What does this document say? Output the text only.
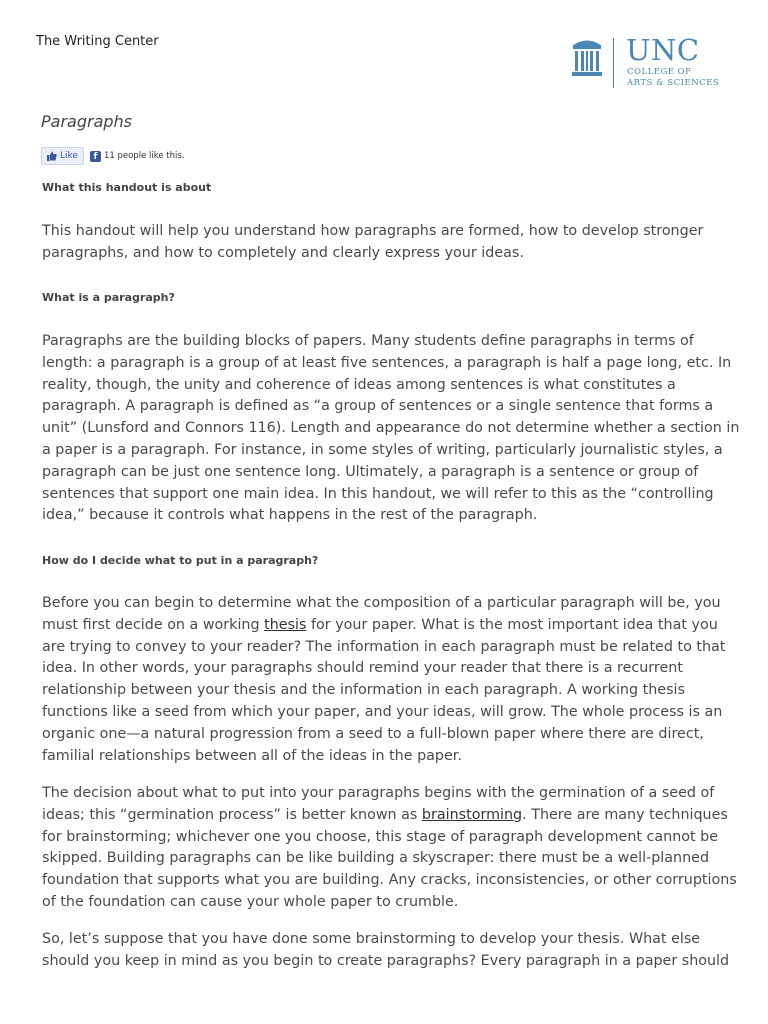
The Writing Center	UNC
COLLEGE OF
ARTS & SCIENCES
Paragraphs
Like	f 11 people like this.
What this handout is about

This handout will help you understand how paragraphs are formed, how to develop stronger paragraphs, and how to completely and clearly express your ideas.

What is a paragraph?

Paragraphs are the building blocks of papers. Many students define paragraphs in terms of length: a paragraph is a group of at least five sentences, a paragraph is half a page long, etc. In reality, though, the unity and coherence of ideas among sentences is what constitutes a paragraph. A paragraph is defined as “a group of sentences or a single sentence that forms a unit” (Lunsford and Connors 116). Length and appearance do not determine whether a section in a paper is a paragraph. For instance, in some styles of writing, particularly journalistic styles, a paragraph can be just one sentence long. Ultimately, a paragraph is a sentence or group of sentences that support one main idea. In this handout, we will refer to this as the “controlling idea,” because it controls what happens in the rest of the paragraph.

How do I decide what to put in a paragraph?

Before you can begin to determine what the composition of a particular paragraph will be, you must first decide on a working thesis for your paper. What is the most important idea that you are trying to convey to your reader? The information in each paragraph must be related to that idea. In other words, your paragraphs should remind your reader that there is a recurrent relationship between your thesis and the information in each paragraph. A working thesis functions like a seed from which your paper, and your ideas, will grow. The whole process is an organic one—a natural progression from a seed to a full-blown paper where there are direct, familial relationships between all of the ideas in the paper.

The decision about what to put into your paragraphs begins with the germination of a seed of ideas; this “germination process” is better known as brainstorming. There are many techniques for brainstorming; whichever one you choose, this stage of paragraph development cannot be skipped. Building paragraphs can be like building a skyscraper: there must be a well-planned foundation that supports what you are building. Any cracks, inconsistencies, or other corruptions of the foundation can cause your whole paper to crumble.

So, let’s suppose that you have done some brainstorming to develop your thesis. What else should you keep in mind as you begin to create paragraphs? Every paragraph in a paper should
